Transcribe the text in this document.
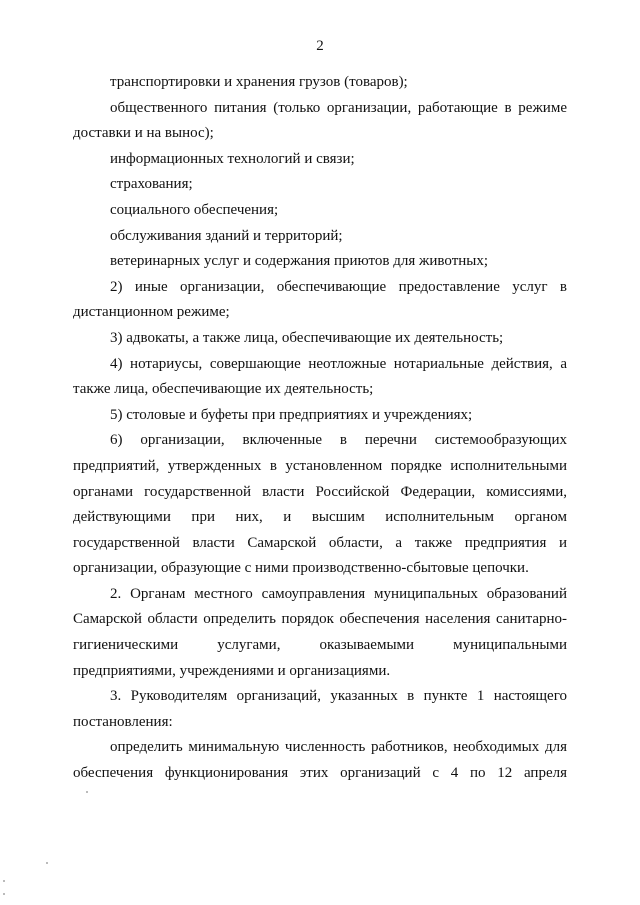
2

транспортировки и хранения грузов (товаров);

общественного питания (только организации, работающие в режиме доставки и на вынос);

информационных технологий и связи;

страхования;

социального обеспечения;

обслуживания зданий и территорий;

ветеринарных услуг и содержания приютов для животных;

2) иные организации, обеспечивающие предоставление услуг в дистанционном режиме;

3) адвокаты, а также лица, обеспечивающие их деятельность;

4) нотариусы, совершающие неотложные нотариальные действия, а также лица, обеспечивающие их деятельность;

5) столовые и буфеты при предприятиях и учреждениях;

6) организации, включенные в перечни системообразующих предприятий, утвержденных в установленном порядке исполнительными органами государственной власти Российской Федерации, комиссиями, действующими при них, и высшим исполнительным органом государственной власти Самарской области, а также предприятия и организации, образующие с ними производственно-сбытовые цепочки.

2. Органам местного самоуправления муниципальных образований Самарской области определить порядок обеспечения населения санитарно-гигиеническими услугами, оказываемыми муниципальными предприятиями, учреждениями и организациями.

3. Руководителям организаций, указанных в пункте 1 настоящего постановления:

определить минимальную численность работников, необходимых для обеспечения функционирования этих организаций с 4 по 12 апреля
